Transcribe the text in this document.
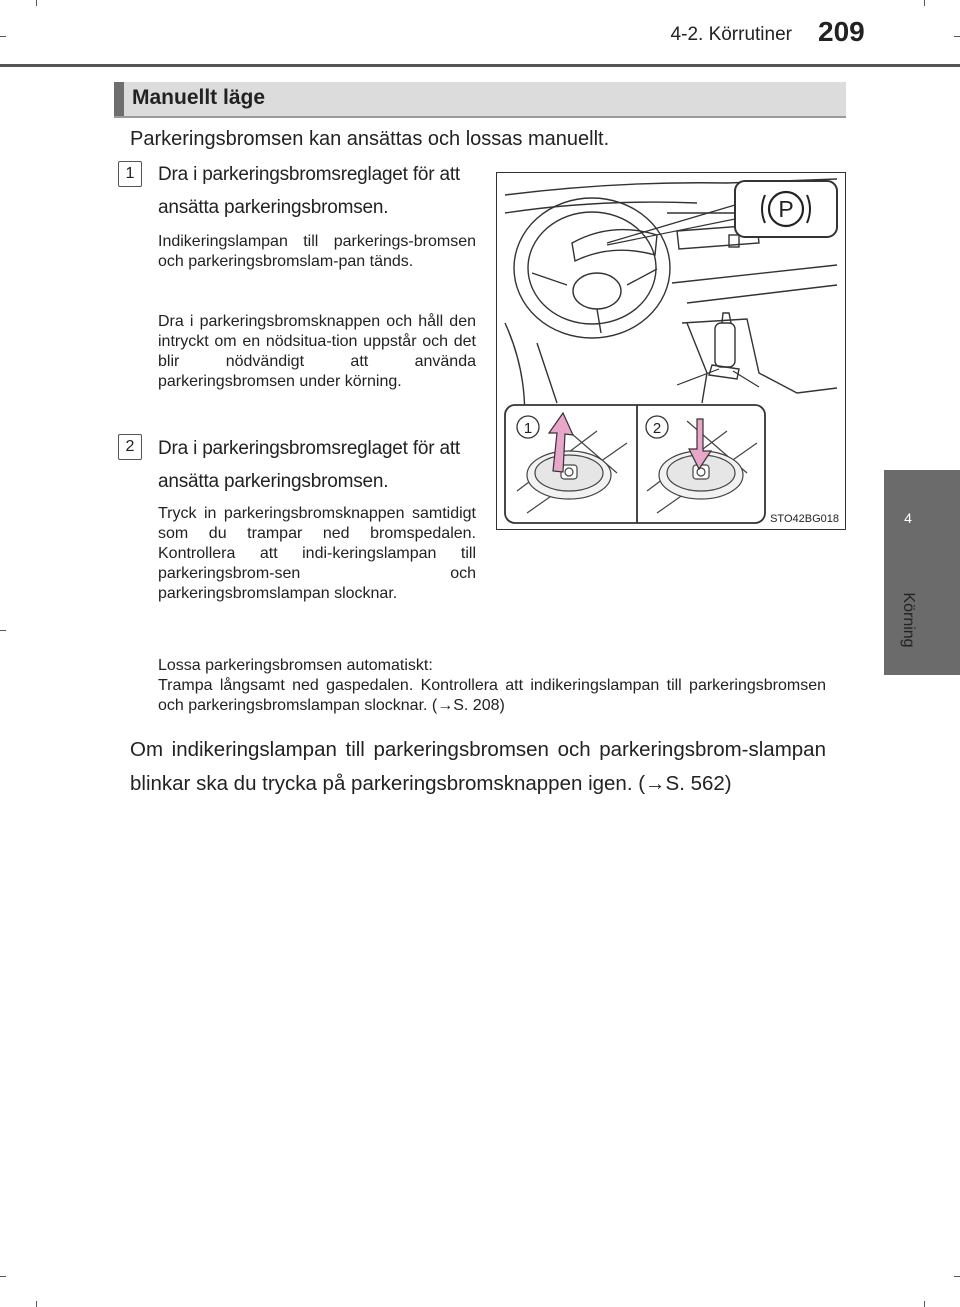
4-2. Körrutiner 209
4
Körning
Manuellt läge
Parkeringsbromsen kan ansättas och lossas manuellt.
1	Dra i parkeringsbromsreglaget för att ansätta parkeringsbromsen.
Indikeringslampan till parkerings-bromsen och parkeringsbromslam-pan tänds.
Dra i parkeringsbromsknappen och håll den intryckt om en nödsitua-tion uppstår och det blir nödvändigt att använda parkeringsbromsen under körning.
2	Dra i parkeringsbromsreglaget för att ansätta parkeringsbromsen.
Tryck in parkeringsbromsknappen samtidigt som du trampar ned bromspedalen. Kontrollera att indi-keringslampan till parkeringsbrom-sen och parkeringsbromslampan slocknar.
Lossa parkeringsbromsen automatiskt:
Trampa långsamt ned gaspedalen. Kontrollera att indikeringslampan till parkeringsbromsen och parkeringsbromslampan slocknar. (→S. 208)
Om indikeringslampan till parkeringsbromsen och parkeringsbrom-slampan blinkar ska du trycka på parkeringsbromsknappen igen. (→S. 562)
P
1	2
STO42BG018
